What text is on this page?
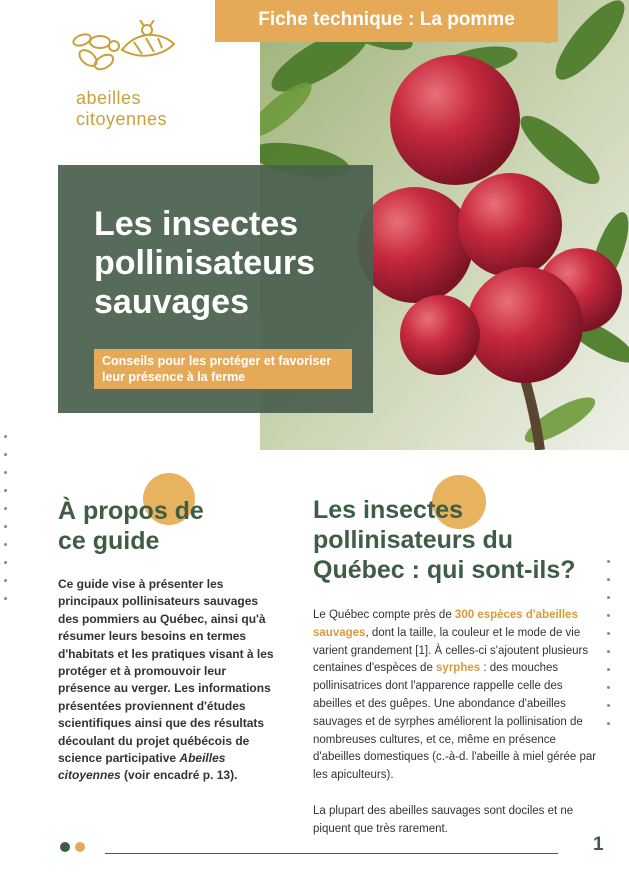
Fiche technique : La pomme
abeilles
citoyennes
Les insectes pollinisateurs sauvages
Conseils pour les protéger et favoriser leur présence à la ferme
À propos de
ce guide
Ce guide vise à présenter les principaux pollinisateurs sauvages des pommiers au Québec, ainsi qu'à résumer leurs besoins en termes d'habitats et les pratiques visant à les protéger et à promouvoir leur présence au verger. Les informations présentées proviennent d'études scientifiques ainsi que des résultats découlant du projet québécois de science participative Abeilles citoyennes (voir encadré p. 13).
Les insectes
pollinisateurs du
Québec : qui sont-ils?

Le Québec compte près de 300 espèces d'abeilles sauvages, dont la taille, la couleur et le mode de vie varient grandement [1]. À celles-ci s'ajoutent plusieurs centaines d'espèces de syrphes : des mouches pollinisatrices dont l'apparence rappelle celle des abeilles et des guêpes. Une abondance d'abeilles sauvages et de syrphes améliorent la pollinisation de nombreuses cultures, et ce, même en présence d'abeilles domestiques (c.-à-d. l'abeille à miel gérée par les apiculteurs).

La plupart des abeilles sauvages sont dociles et ne piquent que très rarement.

1
